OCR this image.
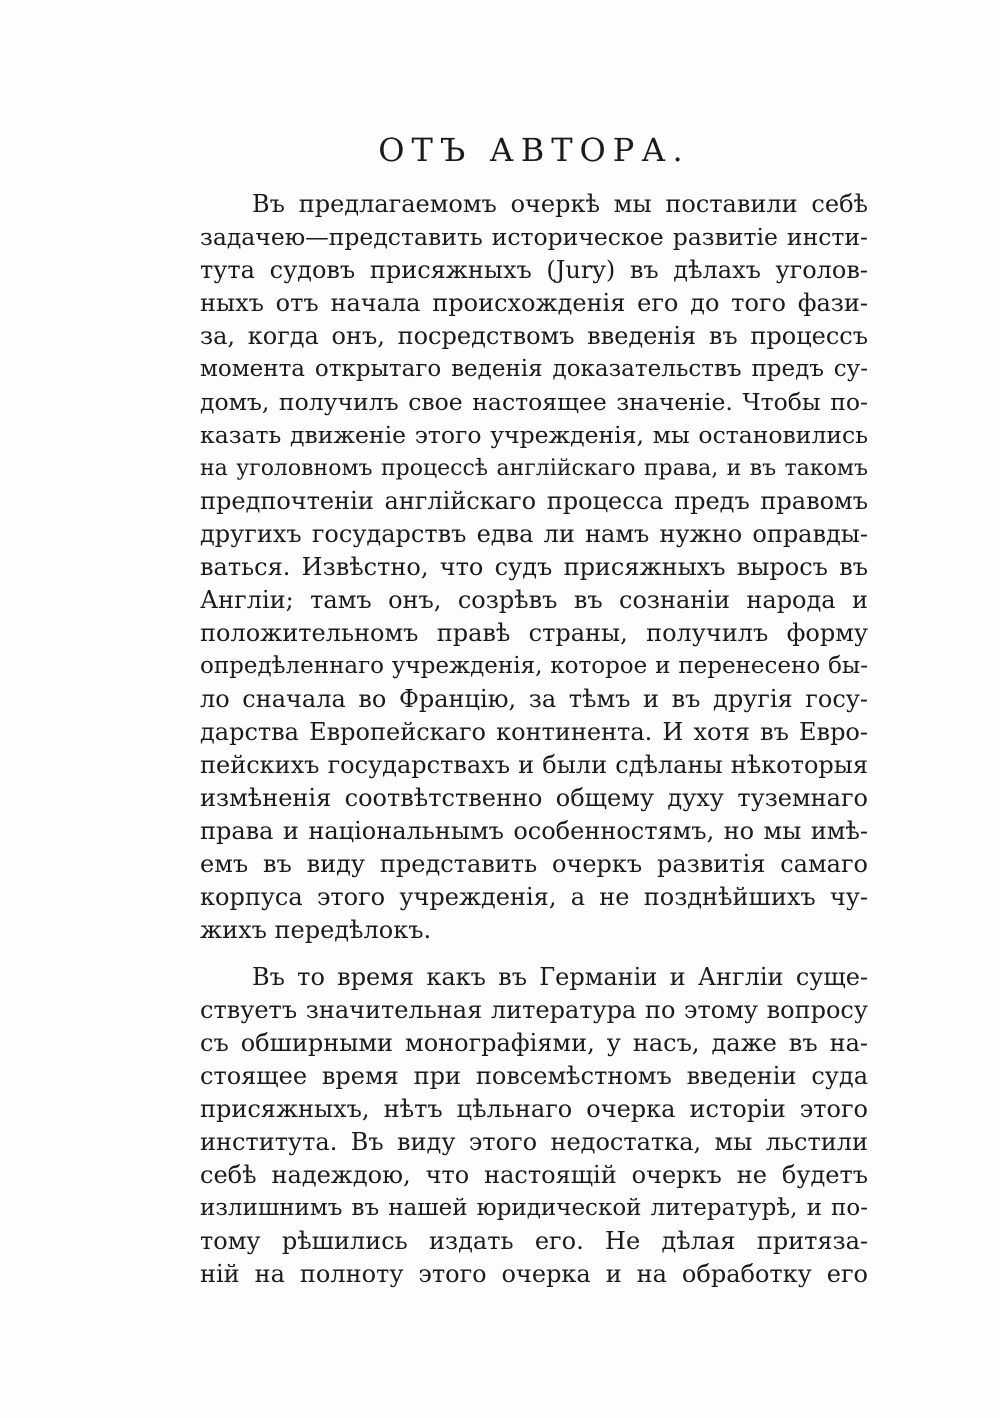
ОТЪ АВТОРА.
Въ предлагаемомъ очеркѣ мы поставили себѣ
задачею—представить историческое развитіе инсти-
тута судовъ присяжныхъ (Jury) въ дѣлахъ уголов-
ныхъ отъ начала происхожденія его до того фази-
за, когда онъ, посредствомъ введенія въ процессъ
момента открытаго веденія доказательствъ предъ су-
домъ, получилъ свое настоящее значеніе. Чтобы по-
казать движеніе этого учрежденія, мы остановились
на уголовномъ процессѣ англійскаго права, и въ такомъ
предпочтеніи англійскаго процесса предъ правомъ
другихъ государствъ едва ли намъ нужно оправды-
ваться. Извѣстно, что судъ присяжныхъ выросъ въ
Англіи; тамъ онъ, созрѣвъ въ сознаніи народа и
положительномъ правѣ страны, получилъ форму
опредѣленнаго учрежденія, которое и перенесено бы-
ло сначала во Францію, за тѣмъ и въ другія госу-
дарства Европейскаго континента. И хотя въ Евро-
пейскихъ государствахъ и были сдѣланы нѣкоторыя
измѣненія соотвѣтственно общему духу туземнаго
права и національнымъ особенностямъ, но мы имѣ-
емъ въ виду представить очеркъ развитія самаго
корпуса этого учрежденія, а не позднѣйшихъ чу-
жихъ передѣлокъ.
Въ то время какъ въ Германіи и Англіи суще-
ствуетъ значительная литература по этому вопросу
съ обширными монографіями, у насъ, даже въ на-
стоящее время при повсемѣстномъ введеніи суда
присяжныхъ, нѣтъ цѣльнаго очерка исторіи этого
института. Въ виду этого недостатка, мы льстили
себѣ надеждою, что настоящій очеркъ не будетъ
излишнимъ въ нашей юридической литературѣ, и по-
тому рѣшились издать его. Не дѣлая притяза-
ній на полноту этого очерка и на обработку его
